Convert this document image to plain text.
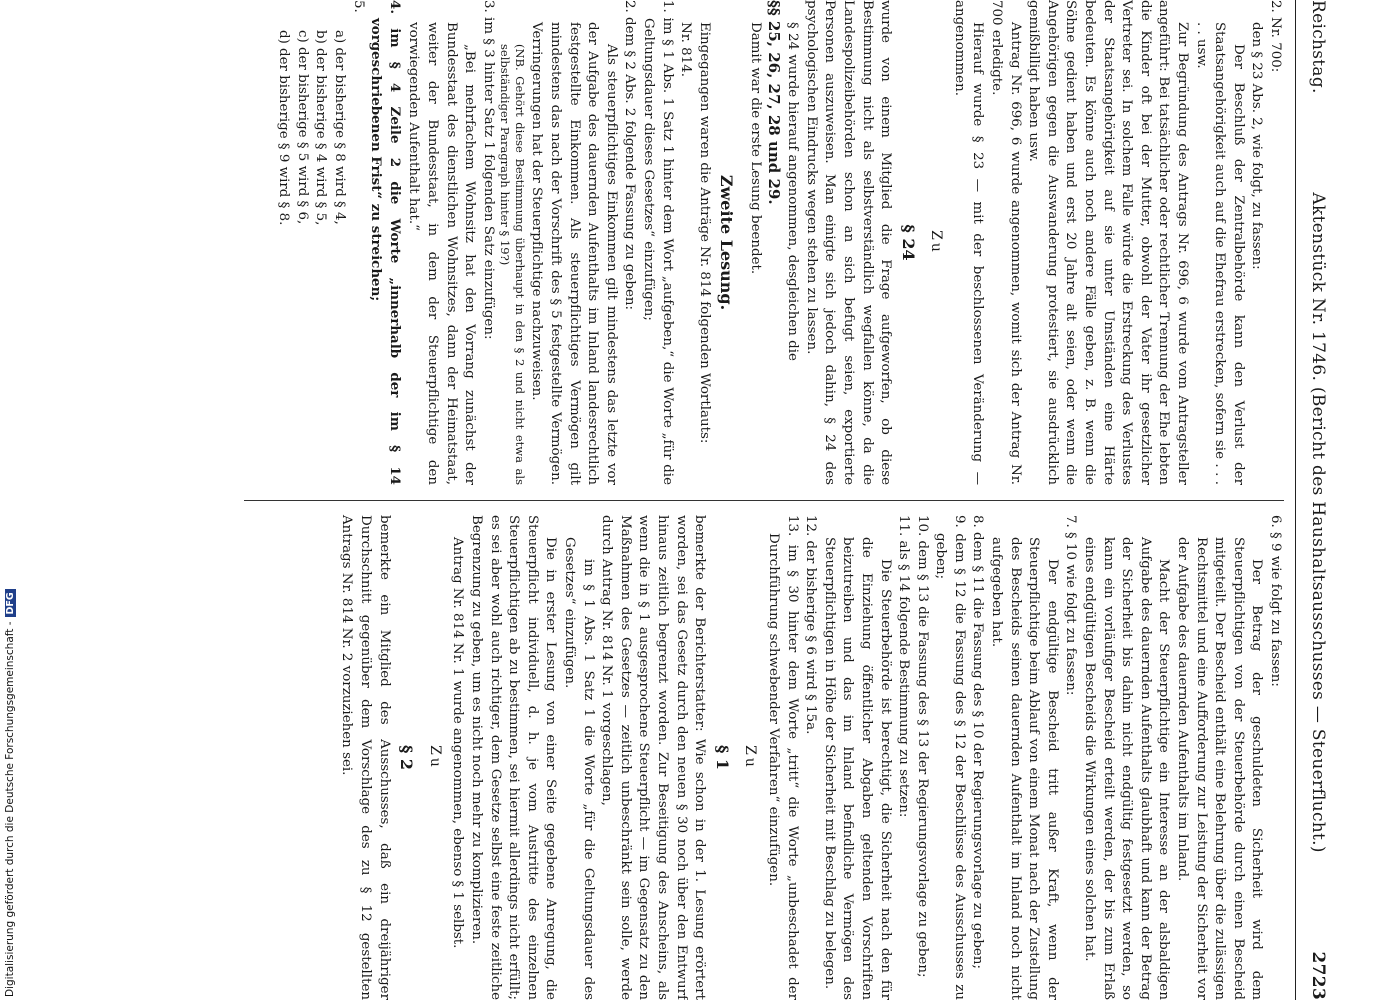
Reichstag.
Aktenstück Nr. 1746. (Bericht des Haushaltsausschusses — Steuerflucht.)
2723

2. Nr. 700:

den § 23 Abs. 2, wie folgt, zu fassen:

Der Beschluß der Zentralbehörde kann den Verlust der Staatsangehörigkeit auch auf die Ehefrau erstrecken, sofern sie . . . . . usw.

Zur Begründung des Antrags Nr. 696, 6 wurde vom Antragsteller angeführt: Bei tatsächlicher oder rechtlicher Trennung der Ehe lebten die Kinder oft bei der Mutter, obwohl der Vater ihr gesetzlicher Vertreter sei. In solchem Falle würde die Erstreckung des Verlustes der Staatsangehörigkeit auf sie unter Umständen eine Härte bedeuten. Es könne auch noch andere Fälle geben, z. B. wenn die Söhne gedient haben und erst 20 Jahre alt seien, oder wenn die Angehörigen gegen die Auswanderung protestiert, sie ausdrücklich gemißbilligt haben usw.

Antrag Nr. 696, 6 wurde angenommen, womit sich der Antrag Nr. 700 erledigte.

Hierauf wurde § 23 — mit der beschlossenen Veränderung — angenommen.

Zu

§ 24

wurde von einem Mitglied die Frage aufgeworfen, ob diese Bestimmung nicht als selbstverständlich wegfallen könne, da die Landespolizeibehörden schon an sich befugt seien, exportierte Personen auszuweisen. Man einigte sich jedoch dahin, § 24 des psychologischen Eindrucks wegen stehen zu lassen.

§ 24 wurde hierauf angenommen, desgleichen die

§§ 25, 26, 27, 28 und 29.

Damit war die erste Lesung beendet.

Zweite Lesung.

Eingegangen waren die Anträge Nr. 814 folgenden Wortlauts:

Nr. 814.

1. im § 1 Abs. 1 Satz 1 hinter dem Wort „aufgeben,“ die Worte „für die Geltungsdauer dieses Gesetzes“ einzufügen;

2. dem § 2 Abs. 2 folgende Fassung zu geben:

Als steuerpflichtiges Einkommen gilt mindestens das letzte vor der Aufgabe des dauernden Aufenthalts im Inland landesrechtlich festgestellte Einkommen. Als steuerpflichtiges Vermögen gilt mindestens das nach der Vorschrift des § 5 festgestellte Vermögen. Verringerungen hat der Steuerpflichtige nachzuweisen.

(NB. Gehört diese Bestimmung überhaupt in den § 2 und nicht etwa als selbständiger Paragraph hinter § 19?)

3. im § 3 hinter Satz 1 folgenden Satz einzufügen:

„Bei mehrfachem Wohnsitz hat den Vorrang zunächst der Bundesstaat des dienstlichen Wohnsitzes, dann der Heimatstaat, weiter der Bundesstaat, in dem der Steuerpflichtige den vorwiegenden Aufenthalt hat.“

4. im § 4 Zeile 2 die Worte „innerhalb der im § 14 vorgeschriebenen Frist“ zu streichen;

5.

a) der bisherige § 8 wird § 4,

b) der bisherige § 4 wird § 5,

c) der bisherige § 5 wird § 6,

d) der bisherige § 9 wird § 8.

6. § 9 wie folgt zu fassen:

Der Betrag der geschuldeten Sicherheit wird dem Steuerpflichtigen von der Steuerbehörde durch einen Bescheid mitgeteilt. Der Bescheid enthält eine Belehrung über die zulässigen Rechtsmittel und eine Aufforderung zur Leistung der Sicherheit vor der Aufgabe des dauernden Aufenthalts im Inland.

Macht der Steuerpflichtige ein Interesse an der alsbaldigen Aufgabe des dauernden Aufenthalts glaubhaft und kann der Betrag der Sicherheit bis dahin nicht endgültig festgesetzt werden, so kann ein vorläufiger Bescheid erteilt werden, der bis zum Erlaß eines endgültigen Bescheids die Wirkungen eines solchen hat.

7. § 10 wie folgt zu fassen:

Der endgültige Bescheid tritt außer Kraft, wenn der Steuerpflichtige beim Ablauf von einem Monat nach der Zustellung des Bescheids seinen dauernden Aufenthalt im Inland noch nicht aufgegeben hat.

8. dem § 11 die Fassung des § 10 der Regierungsvorlage zu geben;

9. dem § 12 die Fassung des § 12 der Beschlüsse des Ausschusses zu geben;

10. dem § 13 die Fassung des § 13 der Regierungsvorlage zu geben;

11. als § 14 folgende Bestimmung zu setzen:

Die Steuerbehörde ist berechtigt, die Sicherheit nach den für die Einziehung öffentlicher Abgaben geltenden Vorschriften beizutreiben und das im Inland befindliche Vermögen des Steuerpflichtigen in Höhe der Sicherheit mit Beschlag zu belegen.

12. der bisherige § 6 wird § 15a.

13. im § 30 hinter dem Worte „tritt“ die Worte „unbeschadet der Durchführung schwebender Verfahren“ einzufügen.

Zu

§ 1

bemerkte der Berichterstatter: Wie schon in der 1. Lesung erörtert worden, sei das Gesetz durch den neuen § 30 noch über den Entwurf hinaus zeitlich begrenzt worden. Zur Beseitigung des Anscheins, als wenn die in § 1 ausgesprochene Steuerpflicht — im Gegensatz zu den Maßnahmen des Gesetzes — zeitlich unbeschränkt sein solle, werde durch Antrag Nr. 814 Nr. 1 vorgeschlagen,

im § 1 Abs. 1 Satz 1 die Worte „für die Geltungsdauer des Gesetzes“ einzufügen.

Die in erster Lesung von einer Seite gegebene Anregung, die Steuerpflicht individuell, d. h. je vom Austritte des einzelnen Steuerpflichtigen ab zu bestimmen, sei hiermit allerdings nicht erfüllt; es sei aber wohl auch richtiger, dem Gesetze selbst eine feste zeitliche Begrenzung zu geben, um es nicht noch mehr zu komplizieren.

Antrag Nr. 814 Nr. 1 wurde angenommen, ebenso § 1 selbst.

Zu

§ 2

bemerkte ein Mitglied des Ausschusses, daß ein dreijähriger Durchschnitt gegenüber dem Vorschlage des zu § 12 gestellten Antrags Nr. 814 Nr. 2 vorzuziehen sei.

Digitalisierung gefördert durch die Deutsche Forschungsgemeinschaft -DFG
